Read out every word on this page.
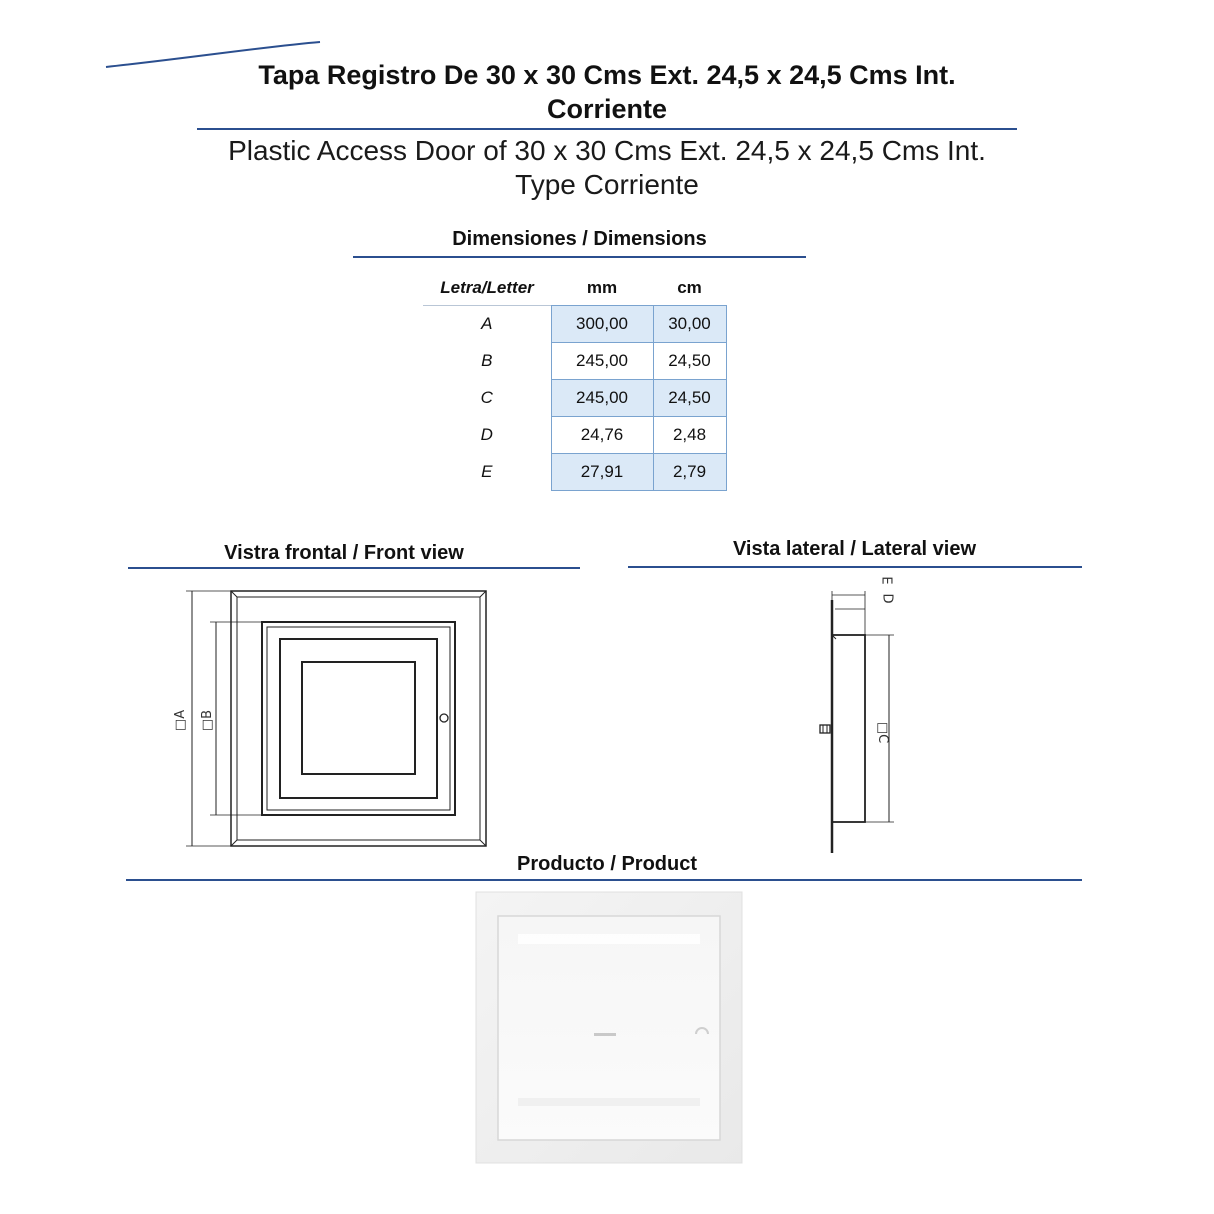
Tapa Registro De 30 x 30 Cms Ext. 24,5 x 24,5 Cms Int.
Corriente
Plastic Access Door of 30 x 30 Cms Ext. 24,5 x 24,5 Cms Int.
Type Corriente
Dimensiones / Dimensions
Letra/Letter	mm	cm
A	300,00	30,00
B	245,00	24,50
C	245,00	24,50
D	24,76	2,48
E	27,91	2,79
Vistra frontal / Front view
□A □B
Vista lateral / Lateral view
E
D
□C
Producto / Product
